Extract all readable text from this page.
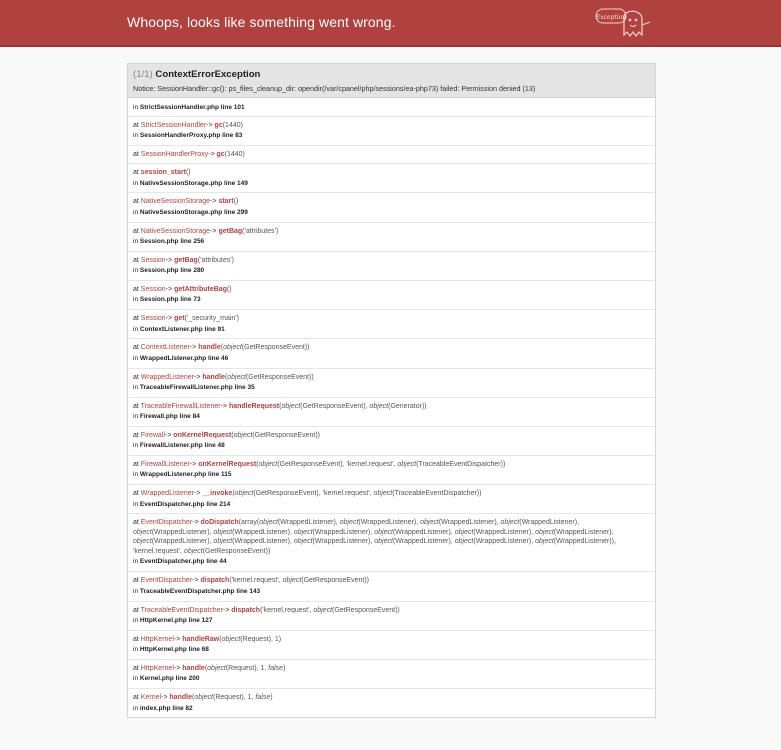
Whoops, looks like something went wrong.	Exception
(1/1) ContextErrorException
Notice: SessionHandler::gc(): ps_files_cleanup_dir: opendir(/var/cpanel/php/sessions/ea-php73) failed: Permission denied (13)
in StrictSessionHandler.php line 101
at StrictSessionHandler-> gc(1440)
in SessionHandlerProxy.php line 83
at SessionHandlerProxy-> gc(1440)
at session_start()
in NativeSessionStorage.php line 149
at NativeSessionStorage-> start()
in NativeSessionStorage.php line 299
at NativeSessionStorage-> getBag('attributes')
in Session.php line 256
at Session-> getBag('attributes')
in Session.php line 280
at Session-> getAttributeBag()
in Session.php line 73
at Session-> get('_security_main')
in ContextListener.php line 91
at ContextListener-> handle(object(GetResponseEvent))
in WrappedListener.php line 46
at WrappedListener-> handle(object(GetResponseEvent))
in TraceableFirewallListener.php line 35
at TraceableFirewallListener-> handleRequest(object(GetResponseEvent), object(Generator))
in Firewall.php line 84
at Firewall-> onKernelRequest(object(GetResponseEvent))
in FirewallListener.php line 48
at FirewallListener-> onKernelRequest(object(GetResponseEvent), 'kernel.request', object(TraceableEventDispatcher))
in WrappedListener.php line 115
at WrappedListener-> __invoke(object(GetResponseEvent), 'kernel.request', object(TraceableEventDispatcher))
in EventDispatcher.php line 214
at EventDispatcher-> doDispatch(array(object(WrappedListener), object(WrappedListener), object(WrappedListener), object(WrappedListener), object(WrappedListener), object(WrappedListener), object(WrappedListener), object(WrappedListener), object(WrappedListener), object(WrappedListener), object(WrappedListener), object(WrappedListener), object(WrappedListener), object(WrappedListener), object(WrappedListener), object(WrappedListener)), 'kernel.request', object(GetResponseEvent))
in EventDispatcher.php line 44
at EventDispatcher-> dispatch('kernel.request', object(GetResponseEvent))
in TraceableEventDispatcher.php line 143
at TraceableEventDispatcher-> dispatch('kernel.request', object(GetResponseEvent))
in HttpKernel.php line 127
at HttpKernel-> handleRaw(object(Request), 1)
in HttpKernel.php line 68
at HttpKernel-> handle(object(Request), 1, false)
in Kernel.php line 200
at Kernel-> handle(object(Request), 1, false)
in index.php line 82
